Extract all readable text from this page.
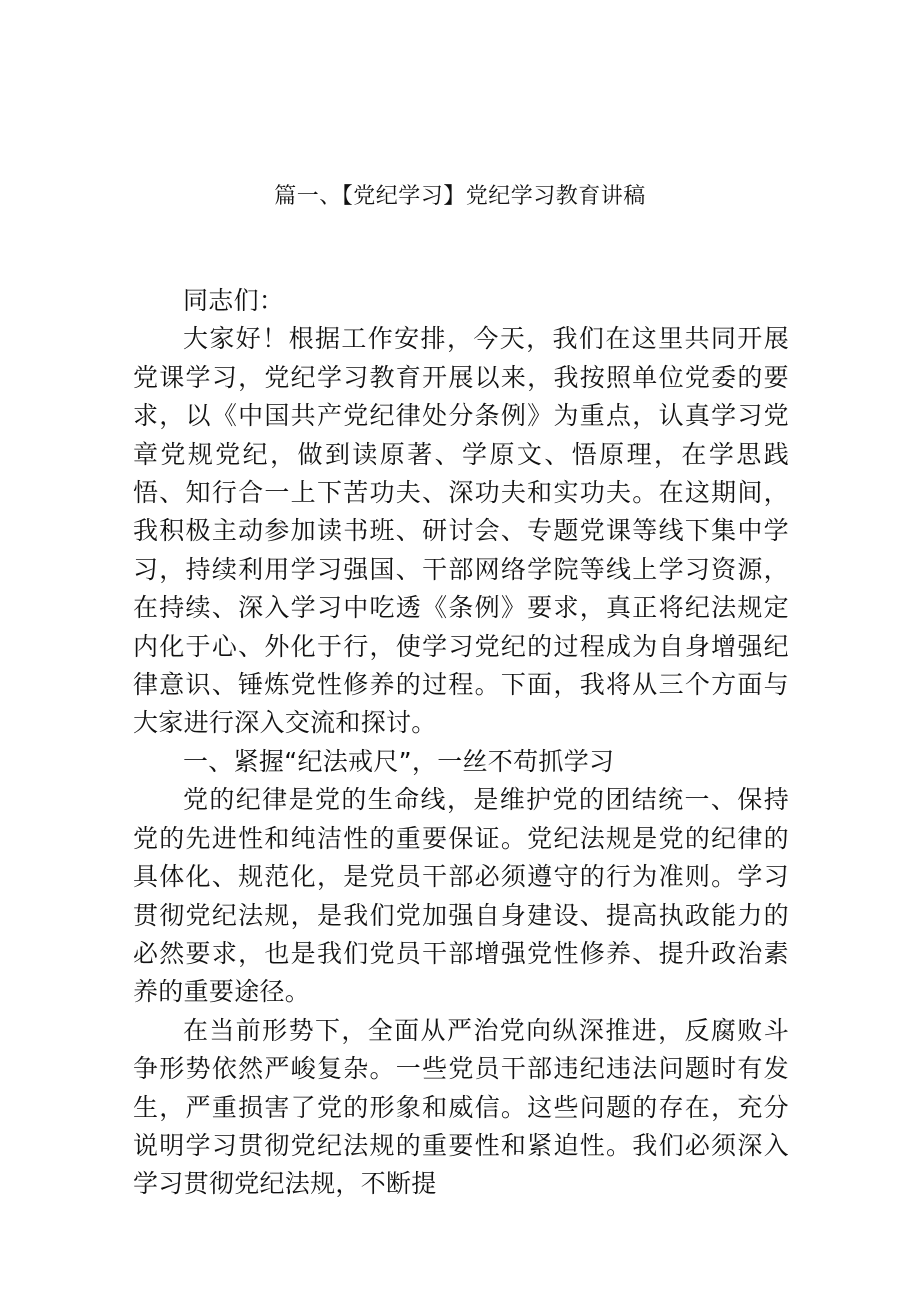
篇一、【党纪学习】党纪学习教育讲稿

同志们：

大家好！根据工作安排，今天，我们在这里共同开展党课学习，党纪学习教育开展以来，我按照单位党委的要求，以《中国共产党纪律处分条例》为重点，认真学习党章党规党纪，做到读原著、学原文、悟原理，在学思践悟、知行合一上下苦功夫、深功夫和实功夫。在这期间，我积极主动参加读书班、研讨会、专题党课等线下集中学习，持续利用学习强国、干部网络学院等线上学习资源，在持续、深入学习中吃透《条例》要求，真正将纪法规定内化于心、外化于行，使学习党纪的过程成为自身增强纪律意识、锤炼党性修养的过程。下面，我将从三个方面与大家进行深入交流和探讨。

一、紧握“纪法戒尺”，一丝不苟抓学习

党的纪律是党的生命线，是维护党的团结统一、保持党的先进性和纯洁性的重要保证。党纪法规是党的纪律的具体化、规范化，是党员干部必须遵守的行为准则。学习贯彻党纪法规，是我们党加强自身建设、提高执政能力的必然要求，也是我们党员干部增强党性修养、提升政治素养的重要途径。

在当前形势下，全面从严治党向纵深推进，反腐败斗争形势依然严峻复杂。一些党员干部违纪违法问题时有发生，严重损害了党的形象和威信。这些问题的存在，充分说明学习贯彻党纪法规的重要性和紧迫性。我们必须深入学习贯彻党纪法规，不断提
